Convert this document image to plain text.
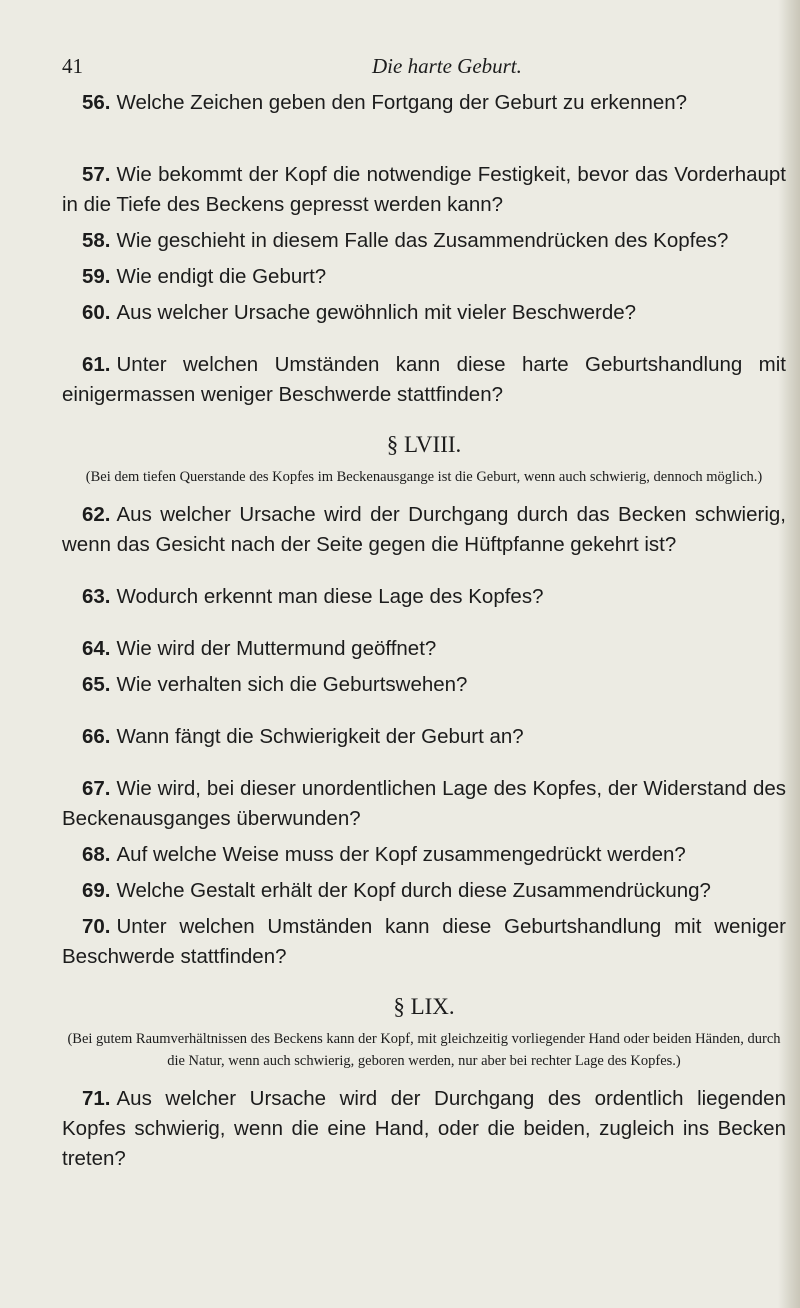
41	Die harte Geburt.

56. Welche Zeichen geben den Fortgang der Geburt zu erkennen?

57. Wie bekommt der Kopf die notwendige Festigkeit, bevor das Vorderhaupt in die Tiefe des Beckens gepresst werden kann?

58. Wie geschieht in diesem Falle das Zusammendrücken des Kopfes?

59. Wie endigt die Geburt?

60. Aus welcher Ursache gewöhnlich mit vieler Beschwerde?

61. Unter welchen Umständen kann diese harte Geburtshandlung mit einigermassen weniger Beschwerde stattfinden?

§ LVIII.

(Bei dem tiefen Querstande des Kopfes im Beckenausgange ist die Geburt, wenn auch schwierig, dennoch möglich.)

62. Aus welcher Ursache wird der Durchgang durch das Becken schwierig, wenn das Gesicht nach der Seite gegen die Hüftpfanne gekehrt ist?

63. Wodurch erkennt man diese Lage des Kopfes?

64. Wie wird der Muttermund geöffnet?

65. Wie verhalten sich die Geburtswehen?

66. Wann fängt die Schwierigkeit der Geburt an?

67. Wie wird, bei dieser unordentlichen Lage des Kopfes, der Widerstand des Beckenausganges überwunden?

68. Auf welche Weise muss der Kopf zusammengedrückt werden?

69. Welche Gestalt erhält der Kopf durch diese Zusammendrückung?

70. Unter welchen Umständen kann diese Geburtshandlung mit weniger Beschwerde stattfinden?

§ LIX.

(Bei gutem Raumverhältnissen des Beckens kann der Kopf, mit gleichzeitig vorliegender Hand oder beiden Händen, durch die Natur, wenn auch schwierig, geboren werden, nur aber bei rechter Lage des Kopfes.)

71. Aus welcher Ursache wird der Durchgang des ordentlich liegenden Kopfes schwierig, wenn die eine Hand, oder die beiden, zugleich ins Becken treten?
